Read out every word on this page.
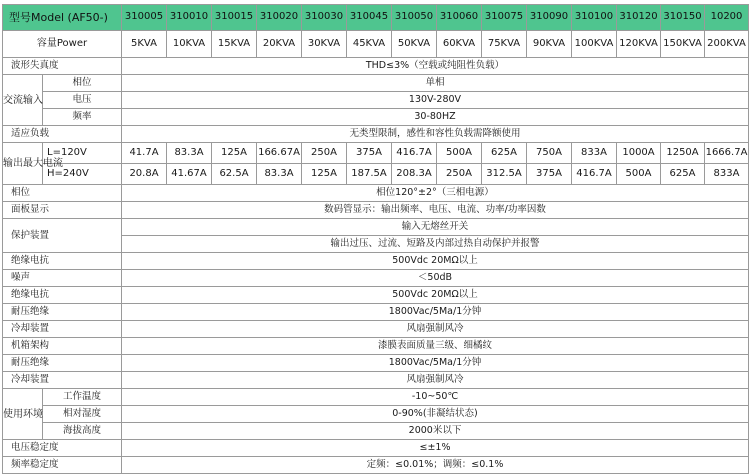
型号Model (AF50-)		310005	310010	310015	310020	310030	310045	310050	310060	310075	310090	310100	310120	310150	10200
容量Power		5KVA	10KVA	15KVA	20KVA	30KVA	45KVA	50KVA	60KVA	75KVA	90KVA	100KVA	120KVA	150KVA	200KVA
波形失真度		THD≤3%（空载或纯阻性负载）													
交流输入	相位	单相													
	电压	130V-280V													
	频率	30-80HZ													
适应负载		无类型限制，感性和容性负载需降额使用													
输出最大电流	L=120V	41.7A	83.3A	125A	166.67A	250A	375A	416.7A	500A	625A	750A	833A	1000A	1250A	1666.7A
	H=240V	20.8A	41.67A	62.5A	83.3A	125A	187.5A	208.3A	250A	312.5A	375A	416.7A	500A	625A	833A
相位		相位120°±2°（三相电源）													
面板显示		数码管显示：输出频率、电压、电流、功率/功率因数													
保护装置		输入无熔丝开关													
		输出过压、过流、短路及内部过热自动保护并报警													
绝缘电抗		500Vdc 20MΩ以上													
噪声		＜50dB													
绝缘电抗		500Vdc 20MΩ以上													
耐压绝缘		1800Vac/5Ma/1分钟													
冷却装置		风扇强制风冷													
机箱架构		漆膜表面质量三级、细橘纹													
耐压绝缘		1800Vac/5Ma/1分钟													
冷却装置		风扇强制风冷													
使用环境	工作温度	-10~50℃													
	相对湿度	0-90%(非凝结状态)													
	海拔高度	2000米以下													
电压稳定度		≤±1%													
频率稳定度		定频：≤0.01%；调频：≤0.1%													
